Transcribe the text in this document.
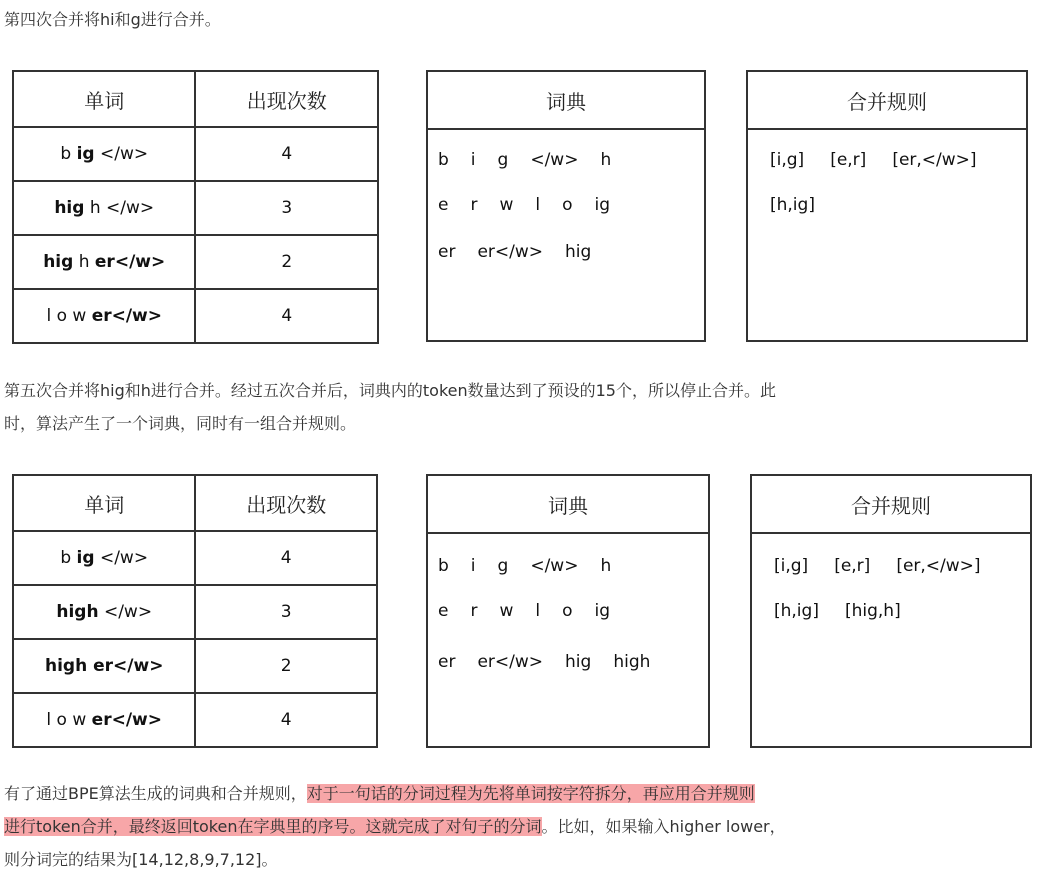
第四次合并将hi和g进行合并。
单词	出现次数
b ig </w>	4
hig h </w>	3
hig h er</w>	2
l o w er</w>	4
词典
b i g </w> h
e r w l o ig
er er</w> hig
合并规则
[i,g] [e,r] [er,</w>]
[h,ig]
第五次合并将hig和h进行合并。经过五次合并后，词典内的token数量达到了预设的15个，所以停止合并。此
时，算法产生了一个词典，同时有一组合并规则。
单词	出现次数
b ig </w>	4
high </w>	3
high er</w>	2
l o w er</w>	4
词典
b i g </w> h
e r w l o ig
er er</w> hig high
合并规则
[i,g] [e,r] [er,</w>]
[h,ig] [hig,h]
有了通过BPE算法生成的词典和合并规则，对于一句话的分词过程为先将单词按字符拆分，再应用合并规则
进行token合并，最终返回token在字典里的序号。这就完成了对句子的分词。比如，如果输入higher lower，
则分词完的结果为[14,12,8,9,7,12]。
